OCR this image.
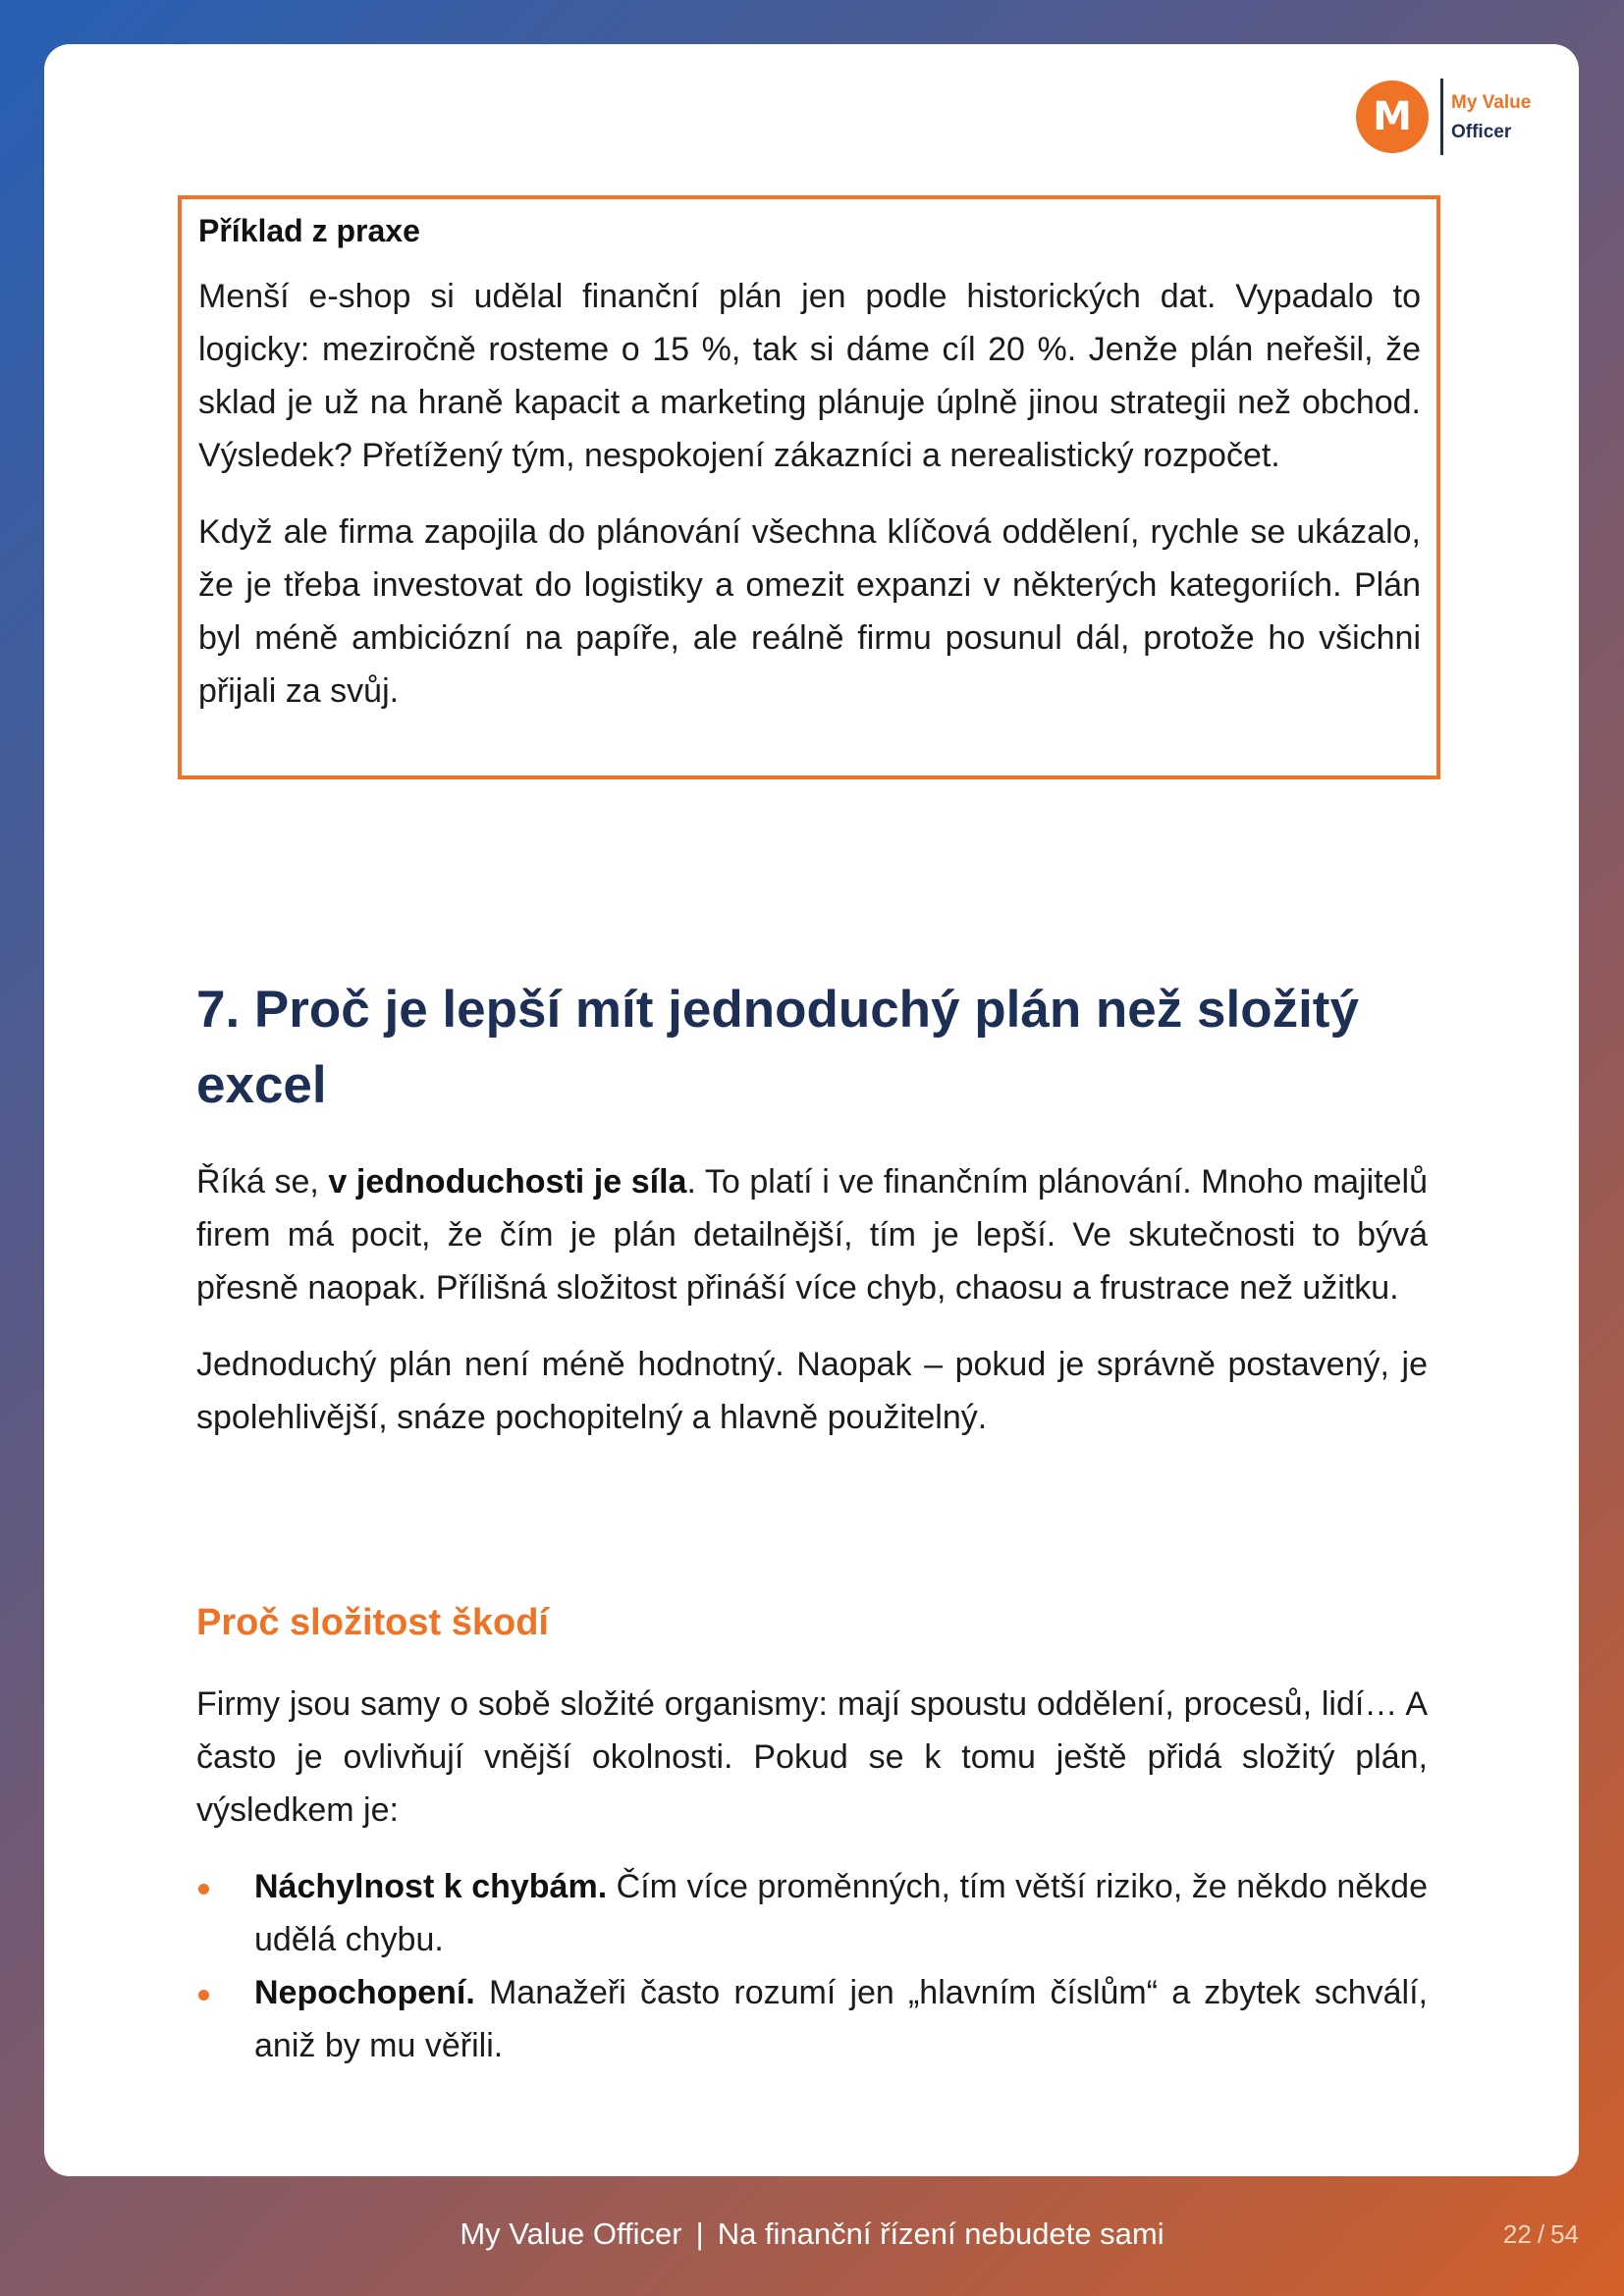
M	My Value
Officer

Příklad z praxe

Menší e-shop si udělal finanční plán jen podle historických dat. Vypadalo to logicky: meziročně rosteme o 15 %, tak si dáme cíl 20 %. Jenže plán neřešil, že sklad je už na hraně kapacit a marketing plánuje úplně jinou strategii než obchod. Výsledek? Přetížený tým, nespokojení zákazníci a nerealistický rozpočet.

Když ale firma zapojila do plánování všechna klíčová oddělení, rychle se ukázalo, že je třeba investovat do logistiky a omezit expanzi v některých kategoriích. Plán byl méně ambiciózní na papíře, ale reálně firmu posunul dál, protože ho všichni přijali za svůj.

7. Proč je lepší mít jednoduchý plán než složitý excel

Říká se, v jednoduchosti je síla. To platí i ve finančním plánování. Mnoho majitelů firem má pocit, že čím je plán detailnější, tím je lepší. Ve skutečnosti to bývá přesně naopak. Přílišná složitost přináší více chyb, chaosu a frustrace než užitku.

Jednoduchý plán není méně hodnotný. Naopak – pokud je správně postavený, je spolehlivější, snáze pochopitelný a hlavně použitelný.

Proč složitost škodí

Firmy jsou samy o sobě složité organismy: mají spoustu oddělení, procesů, lidí… A často je ovlivňují vnější okolnosti. Pokud se k tomu ještě přidá složitý plán, výsledkem je:

Náchylnost k chybám. Čím více proměnných, tím větší riziko, že někdo někde udělá chybu.
Nepochopení. Manažeři často rozumí jen „hlavním číslům“ a zbytek schválí, aniž by mu věřili.
My Value Officer | Na finanční řízení nebudete sami	22 / 54
